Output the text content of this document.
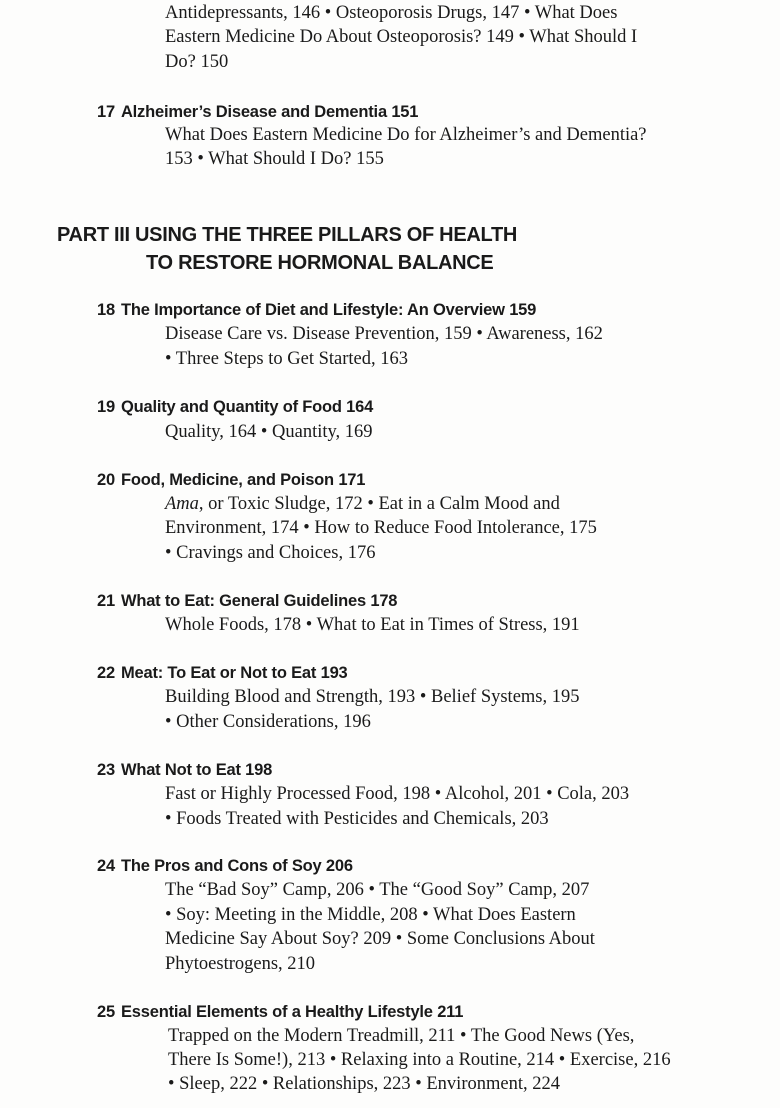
Antidepressants, 146 • Osteoporosis Drugs, 147 • What Does
Eastern Medicine Do About Osteoporosis? 149 • What Should I
Do? 150
17 Alzheimer’s Disease and Dementia 151
What Does Eastern Medicine Do for Alzheimer’s and Dementia?
153 • What Should I Do? 155
PART III USING THE THREE PILLARS OF HEALTH
TO RESTORE HORMONAL BALANCE
18 The Importance of Diet and Lifestyle: An Overview 159
Disease Care vs. Disease Prevention, 159 • Awareness, 162
• Three Steps to Get Started, 163
19 Quality and Quantity of Food 164
Quality, 164 • Quantity, 169
20 Food, Medicine, and Poison 171
Ama, or Toxic Sludge, 172 • Eat in a Calm Mood and
Environment, 174 • How to Reduce Food Intolerance, 175
• Cravings and Choices, 176
21 What to Eat: General Guidelines 178
Whole Foods, 178 • What to Eat in Times of Stress, 191
22 Meat: To Eat or Not to Eat 193
Building Blood and Strength, 193 • Belief Systems, 195
• Other Considerations, 196
23 What Not to Eat 198
Fast or Highly Processed Food, 198 • Alcohol, 201 • Cola, 203
• Foods Treated with Pesticides and Chemicals, 203
24 The Pros and Cons of Soy 206
The “Bad Soy” Camp, 206 • The “Good Soy” Camp, 207
• Soy: Meeting in the Middle, 208 • What Does Eastern
Medicine Say About Soy? 209 • Some Conclusions About
Phytoestrogens, 210
25 Essential Elements of a Healthy Lifestyle 211
Trapped on the Modern Treadmill, 211 • The Good News (Yes,
There Is Some!), 213 • Relaxing into a Routine, 214 • Exercise, 216
• Sleep, 222 • Relationships, 223 • Environment, 224
